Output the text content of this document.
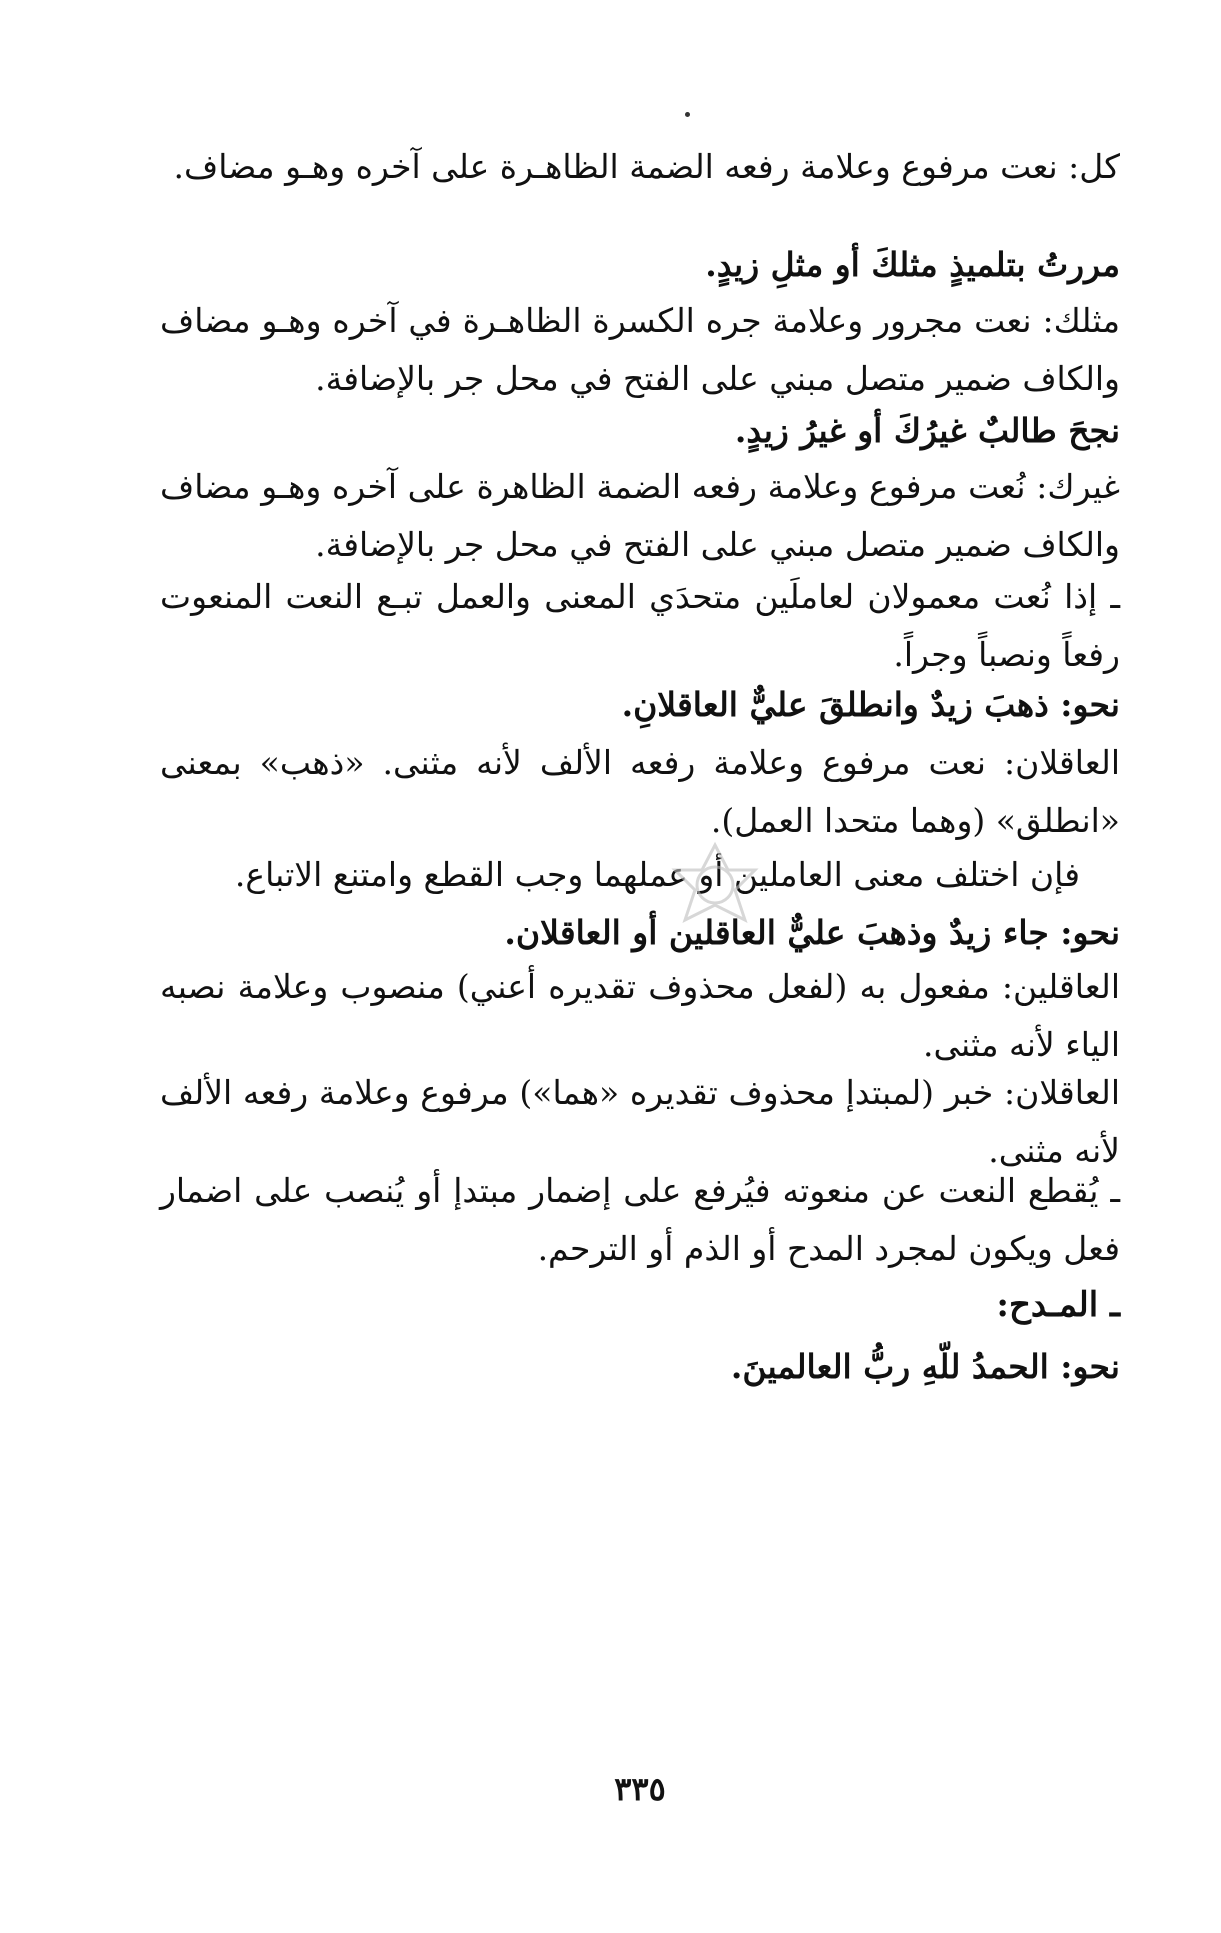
كل: نعت مرفوع وعلامة رفعه الضمة الظاهـرة على آخره وهـو مضاف.
مررتُ بتلميذٍ مثلكَ أو مثلِ زيدٍ.
مثلك: نعت مجرور وعلامة جره الكسرة الظاهـرة في آخره وهـو مضاف والكاف ضمير متصل مبني على الفتح في محل جر بالإضافة.
نجحَ طالبٌ غيرُكَ أو غيرُ زيدٍ.
غيرك: نُعت مرفوع وعلامة رفعه الضمة الظاهرة على آخره وهـو مضاف والكاف ضمير متصل مبني على الفتح في محل جر بالإضافة.
ـ إذا نُعت معمولان لعاملَين متحدَي المعنى والعمل تبـع النعت المنعوت رفعاً ونصباً وجراً.
نحو: ذهبَ زيدٌ وانطلقَ عليٌّ العاقلانِ.
العاقلان: نعت مرفوع وعلامة رفعه الألف لأنه مثنى. «ذهب» بمعنى «انطلق» (وهما متحدا العمل).
فإن اختلف معنى العاملين أو عملهما وجب القطع وامتنع الاتباع.
نحو: جاء زيدٌ وذهبَ عليٌّ العاقلين أو العاقلان.
العاقلين: مفعول به (لفعل محذوف تقديره أعني) منصوب وعلامة نصبه الياء لأنه مثنى.
العاقلان: خبر (لمبتدإ محذوف تقديره «هما») مرفوع وعلامة رفعه الألف لأنه مثنى.
ـ يُقطع النعت عن منعوته فيُرفع على إضمار مبتدإ أو يُنصب على اضمار فعل ويكون لمجرد المدح أو الذم أو الترحم.
ـ المـدح:
نحو: الحمدُ للّهِ ربُّ العالمينَ.
٣٣٥
